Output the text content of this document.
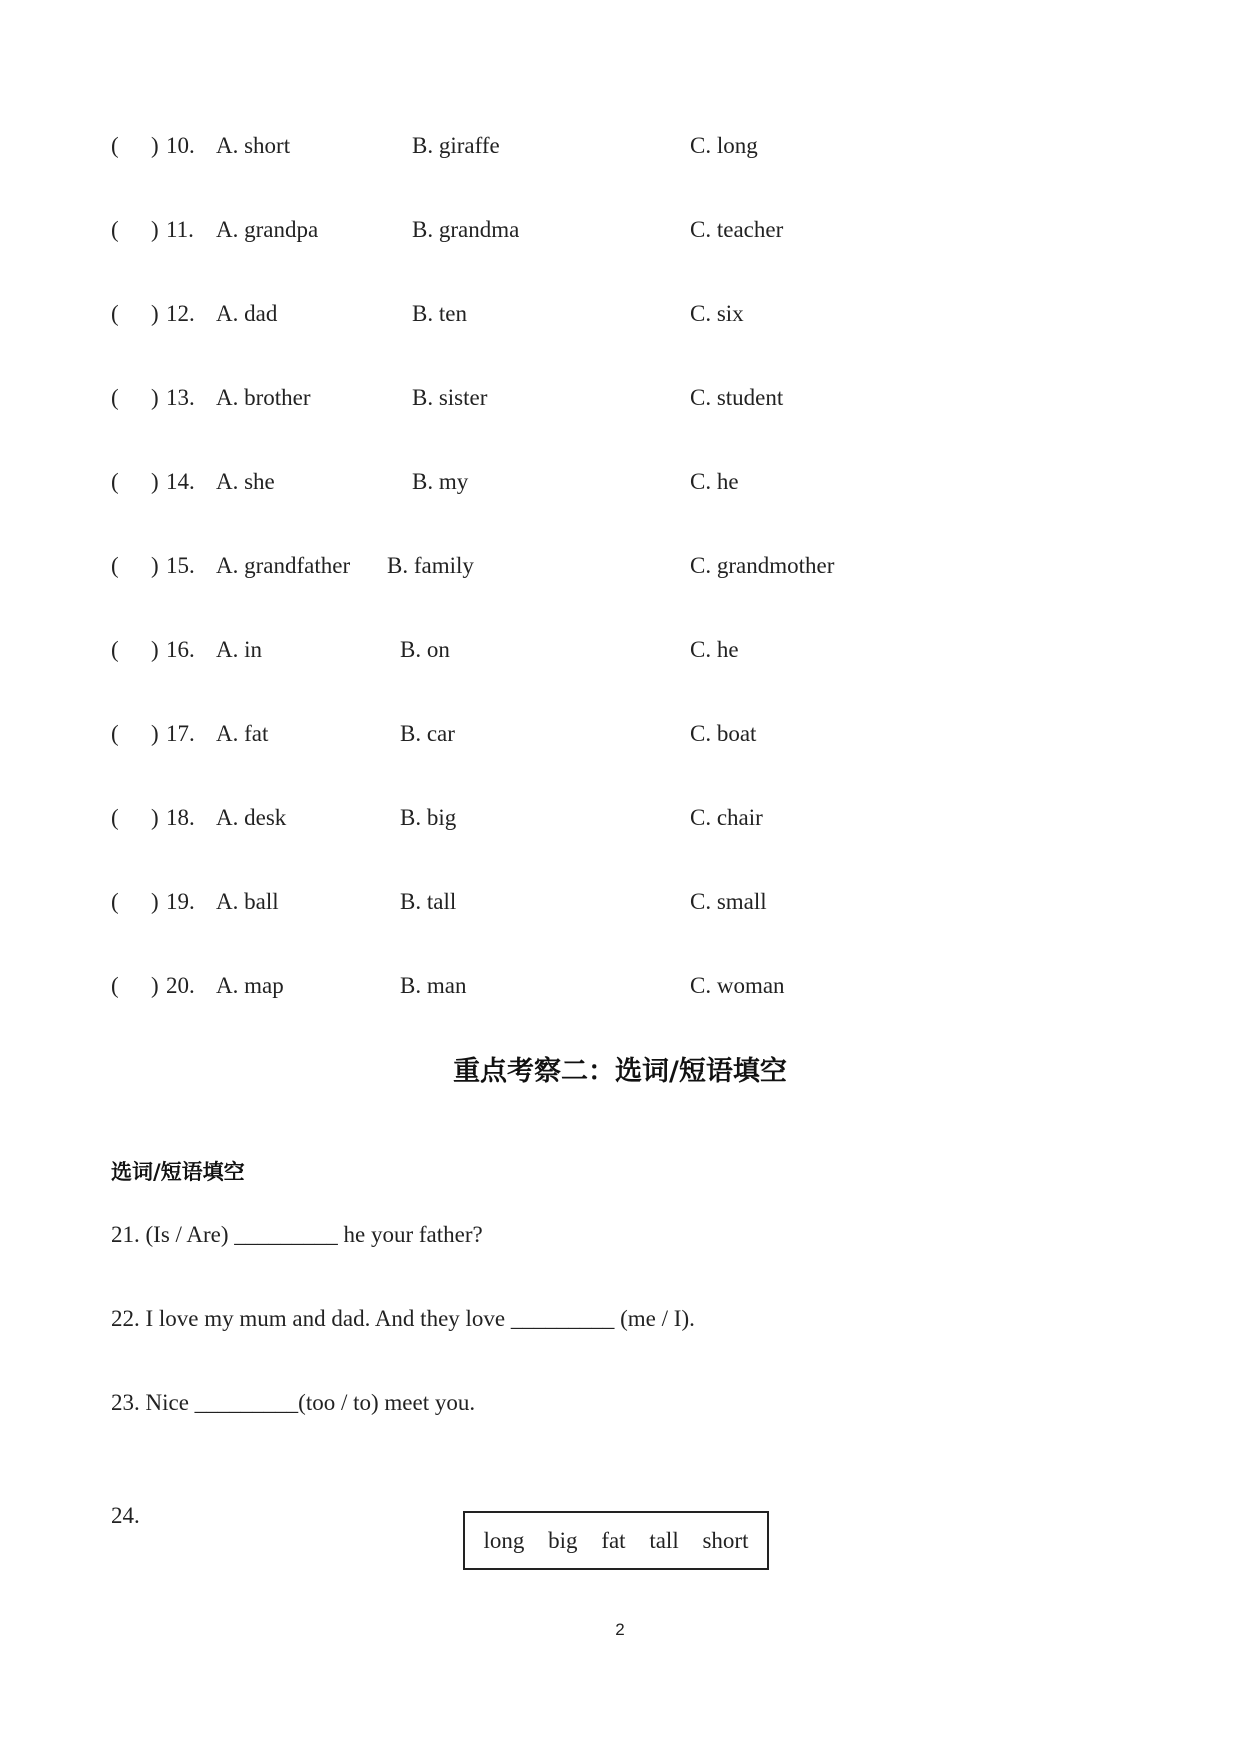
( ) 10. A. short	B. giraffe	C. long
( ) 11. A. grandpa	B. grandma	C. teacher
( ) 12. A. dad	B. ten	C. six
( ) 13. A. brother	B. sister	C. student
( ) 14. A. she	B. my	C. he
( ) 15. A. grandfather B. family	C. grandmother
( ) 16. A. in	B. on	C. he
( ) 17. A. fat	B. car	C. boat
( ) 18. A. desk	B. big	C. chair
( ) 19. A. ball	B. tall	C. small
( ) 20. A. map	B. man	C. woman
重点考察二：选词/短语填空
选词/短语填空
21. (Is / Are) _________ he your father?
22. I love my mum and dad. And they love _________ (me / I).
23. Nice _________(too / to) meet you.
24.
long big fat tall short
2
